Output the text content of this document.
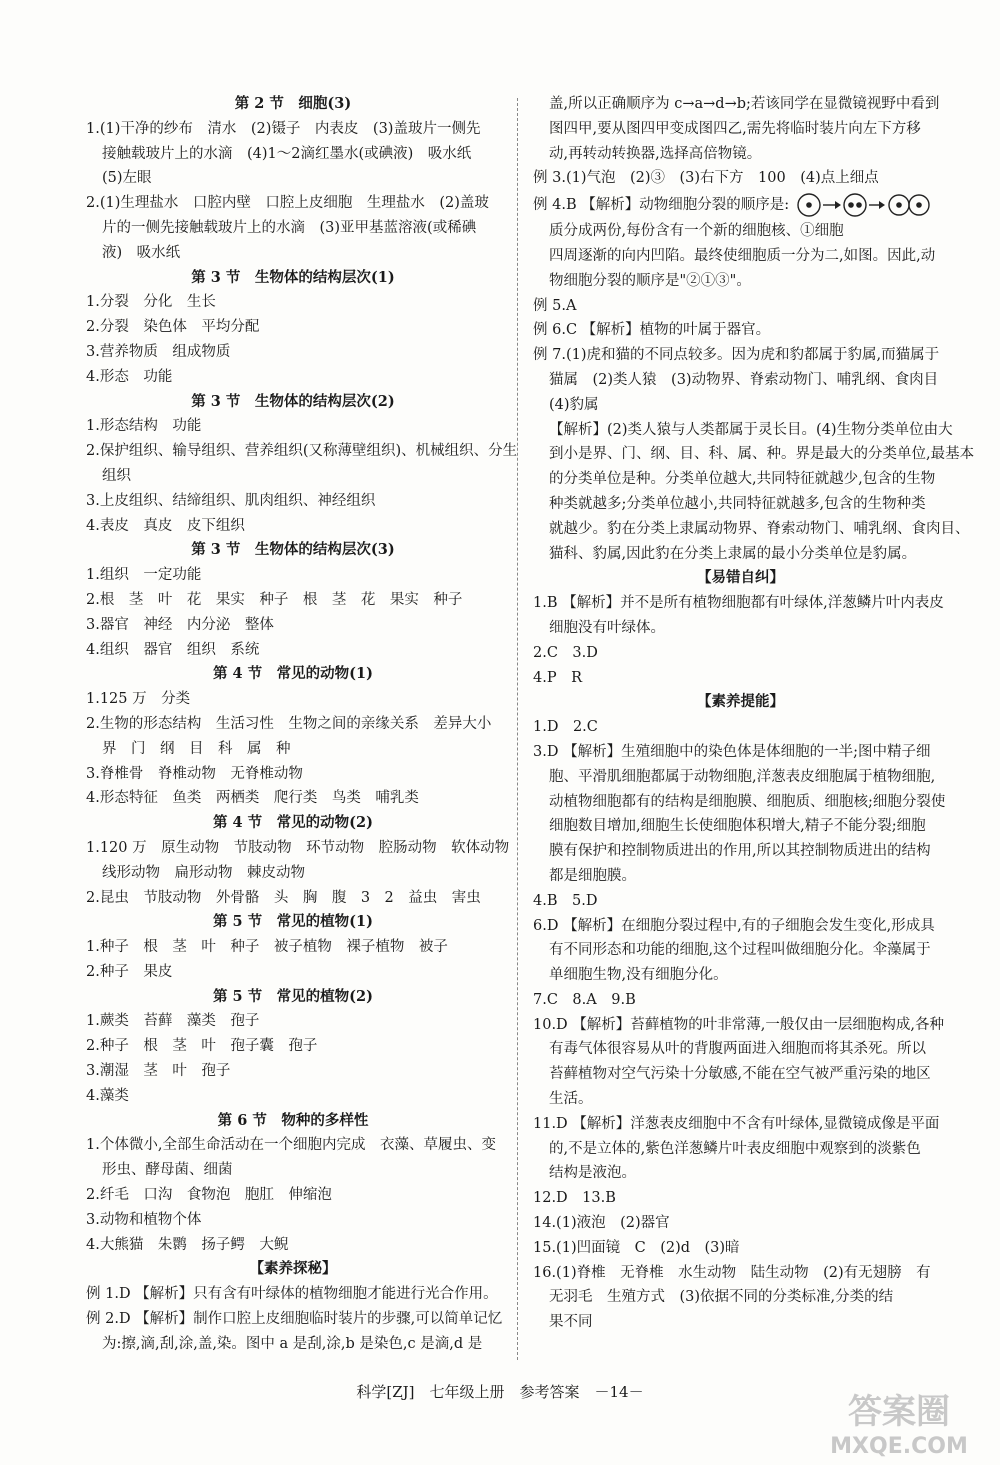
第 2 节　细胞(3)
1.(1)干净的纱布　清水　(2)镊子　内表皮　(3)盖玻片一侧先
接触载玻片上的水滴　(4)1～2滴红墨水(或碘液)　吸水纸
(5)左眼
2.(1)生理盐水　口腔内壁　口腔上皮细胞　生理盐水　(2)盖玻
片的一侧先接触载玻片上的水滴　(3)亚甲基蓝溶液(或稀碘
液)　吸水纸
第 3 节　生物体的结构层次(1)
1.分裂　分化　生长
2.分裂　染色体　平均分配
3.营养物质　组成物质
4.形态　功能
第 3 节　生物体的结构层次(2)
1.形态结构　功能
2.保护组织、输导组织、营养组织(又称薄壁组织)、机械组织、分生
组织
3.上皮组织、结缔组织、肌肉组织、神经组织
4.表皮　真皮　皮下组织
第 3 节　生物体的结构层次(3)
1.组织　一定功能
2.根　茎　叶　花　果实　种子　根　茎　花　果实　种子
3.器官　神经　内分泌　整体
4.组织　器官　组织　系统
第 4 节　常见的动物(1)
1.125 万　分类
2.生物的形态结构　生活习性　生物之间的亲缘关系　差异大小
界　门　纲　目　科　属　种
3.脊椎骨　脊椎动物　无脊椎动物
4.形态特征　鱼类　两栖类　爬行类　鸟类　哺乳类
第 4 节　常见的动物(2)
1.120 万　原生动物　节肢动物　环节动物　腔肠动物　软体动物
线形动物　扁形动物　棘皮动物
2.昆虫　节肢动物　外骨骼　头　胸　腹　3　2　益虫　害虫
第 5 节　常见的植物(1)
1.种子　根　茎　叶　种子　被子植物　裸子植物　被子
2.种子　果皮
第 5 节　常见的植物(2)
1.蕨类　苔藓　藻类　孢子
2.种子　根　茎　叶　孢子囊　孢子
3.潮湿　茎　叶　孢子
4.藻类
第 6 节　物种的多样性
1.个体微小,全部生命活动在一个细胞内完成　衣藻、草履虫、变
形虫、酵母菌、细菌
2.纤毛　口沟　食物泡　胞肛　伸缩泡
3.动物和植物个体
4.大熊猫　朱鹮　扬子鳄　大鲵
【素养探秘】
例 1.D 【解析】只有含有叶绿体的植物细胞才能进行光合作用。
例 2.D 【解析】制作口腔上皮细胞临时装片的步骤,可以简单记忆
为:擦,滴,刮,涂,盖,染。图中 a 是刮,涂,b 是染色,c 是滴,d 是
盖,所以正确顺序为 c→a→d→b;若该同学在显微镜视野中看到
图四甲,要从图四甲变成图四乙,需先将临时装片向左下方移
动,再转动转换器,选择高倍物镜。
例 3.(1)气泡　(2)③　(3)右下方　100　(4)点上细点
例 4.B 【解析】动物细胞分裂的顺序是:
质分成两份,每份含有一个新的细胞核、①细胞
四周逐渐的向内凹陷。最终使细胞质一分为二,如图。因此,动
物细胞分裂的顺序是"②①③"。
例 5.A
例 6.C 【解析】植物的叶属于器官。
例 7.(1)虎和猫的不同点较多。因为虎和豹都属于豹属,而猫属于
猫属　(2)类人猿　(3)动物界、脊索动物门、哺乳纲、食肉目
(4)豹属
【解析】(2)类人猿与人类都属于灵长目。(4)生物分类单位由大
到小是界、门、纲、目、科、属、种。界是最大的分类单位,最基本
的分类单位是种。分类单位越大,共同特征就越少,包含的生物
种类就越多;分类单位越小,共同特征就越多,包含的生物种类
就越少。豹在分类上隶属动物界、脊索动物门、哺乳纲、食肉目、
猫科、豹属,因此豹在分类上隶属的最小分类单位是豹属。
【易错自纠】
1.B 【解析】并不是所有植物细胞都有叶绿体,洋葱鳞片叶内表皮
细胞没有叶绿体。
2.C　3.D
4.P　R
【素养提能】
1.D　2.C
3.D 【解析】生殖细胞中的染色体是体细胞的一半;图中精子细
胞、平滑肌细胞都属于动物细胞,洋葱表皮细胞属于植物细胞,
动植物细胞都有的结构是细胞膜、细胞质、细胞核;细胞分裂使
细胞数目增加,细胞生长使细胞体积增大,精子不能分裂;细胞
膜有保护和控制物质进出的作用,所以其控制物质进出的结构
都是细胞膜。
4.B　5.D
6.D 【解析】在细胞分裂过程中,有的子细胞会发生变化,形成具
有不同形态和功能的细胞,这个过程叫做细胞分化。伞藻属于
单细胞生物,没有细胞分化。
7.C　8.A　9.B
10.D 【解析】苔藓植物的叶非常薄,一般仅由一层细胞构成,各种
有毒气体很容易从叶的背腹两面进入细胞而将其杀死。所以
苔藓植物对空气污染十分敏感,不能在空气被严重污染的地区
生活。
11.D 【解析】洋葱表皮细胞中不含有叶绿体,显微镜成像是平面
的,不是立体的,紫色洋葱鳞片叶表皮细胞中观察到的淡紫色
结构是液泡。
12.D　13.B
14.(1)液泡　(2)器官
15.(1)凹面镜　C　(2)d　(3)暗
16.(1)脊椎　无脊椎　水生动物　陆生动物　(2)有无翅膀　有
无羽毛　生殖方式　(3)依据不同的分类标准,分类的结
果不同
科学[ZJ]　七年级上册　参考答案　－14－	答案圈
MXQE.COM
